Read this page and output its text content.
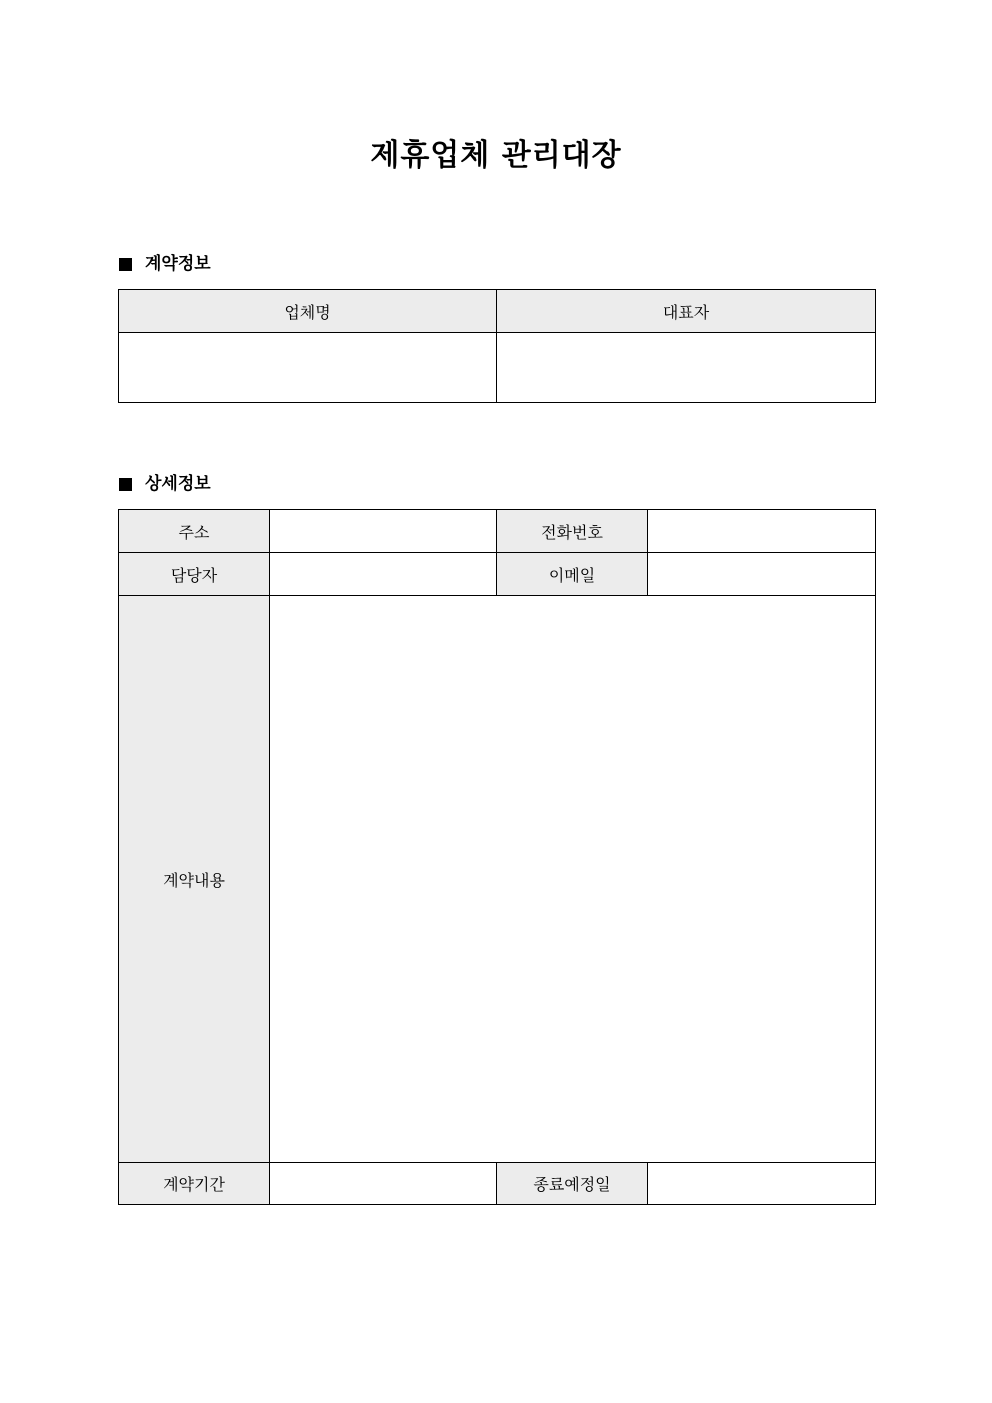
제휴업체 관리대장
계약정보
업체명	대표자

상세정보
주소		전화번호	
담당자		이메일	
계약내용			
계약기간		종료예정일	
